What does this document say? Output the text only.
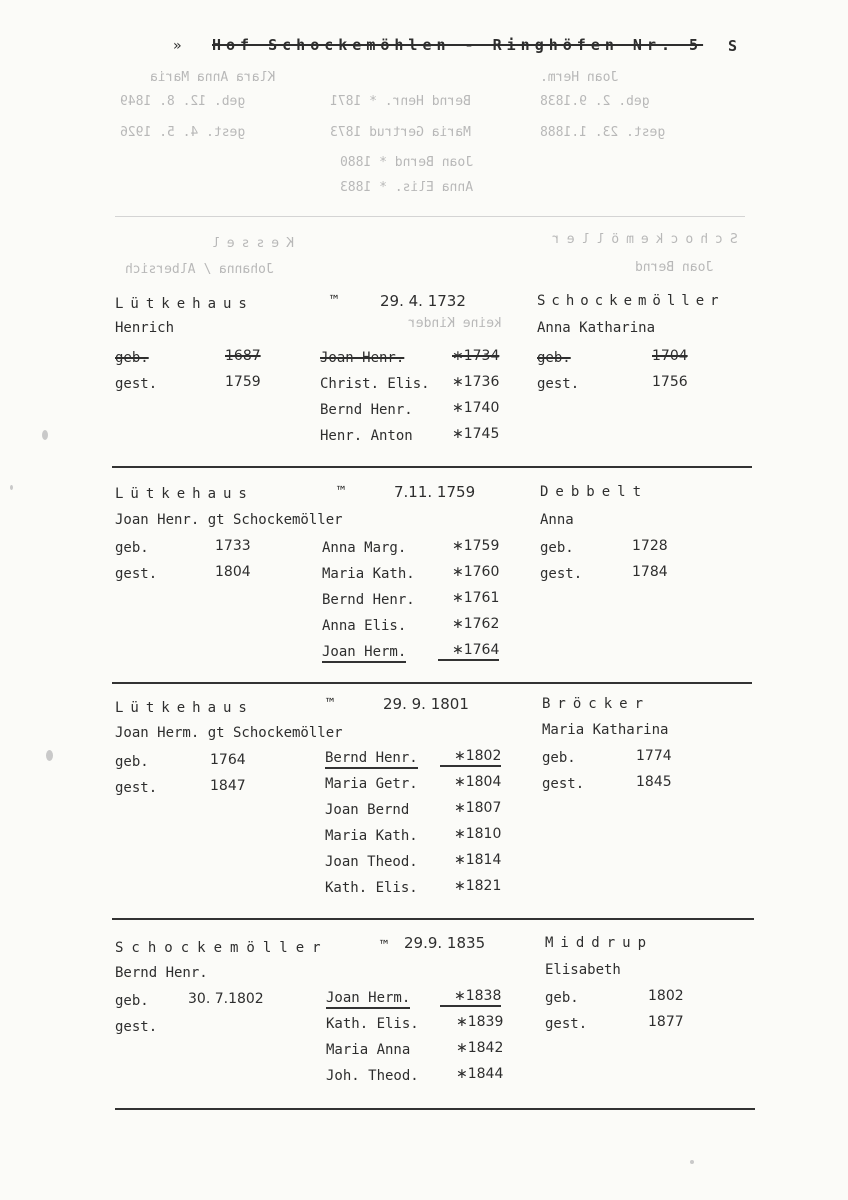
» Hof Schockemöhlen - Ringhöfen Nr. 5 S
Joan Herm.
geb. 2. 9.1838
gest. 23. 1.1888
Bernd Henr. * 1871
Maria Gertrud 1873
Joan Bernd * 1880
Anna Elis. * 1883
Klara Anna Maria
geb. 12. 8. 1849
gest. 4. 5. 1926
Schockemöller
Joan Bernd
Kessel
Johanna / Albersich
keine Kinder
Lütkehaus
Henrich
geb.	1687
gest.	1759
™	29. 4. 1732
Joan Henr.	∗1734
Christ. Elis. ∗1736
Bernd Henr.	∗1740
Henr. Anton	∗1745
Schockemöller
Anna Katharina
geb.	1704
gest.	1756
Lütkehaus
Joan Henr. gt Schockemöller
geb.	1733
gest.	1804
™	7.11. 1759
Anna Marg.	∗1759
Maria Kath.	∗1760
Bernd Henr.	∗1761
Anna Elis.	∗1762
Joan Herm.	∗1764
Debbelt
Anna
geb.	1728
gest.	1784
Lütkehaus
Joan Herm. gt Schockemöller
geb.	1764
gest.	1847
™	29. 9. 1801
Bernd Henr.	∗1802
Maria Getr.	∗1804
Joan Bernd	∗1807
Maria Kath.	∗1810
Joan Theod.	∗1814
Kath. Elis.	∗1821
Bröcker
Maria Katharina
geb.	1774
gest.	1845
Schockemöller
Bernd Henr.
geb.	30. 7.1802
gest.
™ 29.9. 1835
Joan Herm.	∗1838
Kath. Elis.	∗1839
Maria Anna	∗1842
Joh. Theod.	∗1844
Middrup
Elisabeth
geb.	1802
gest.	1877
